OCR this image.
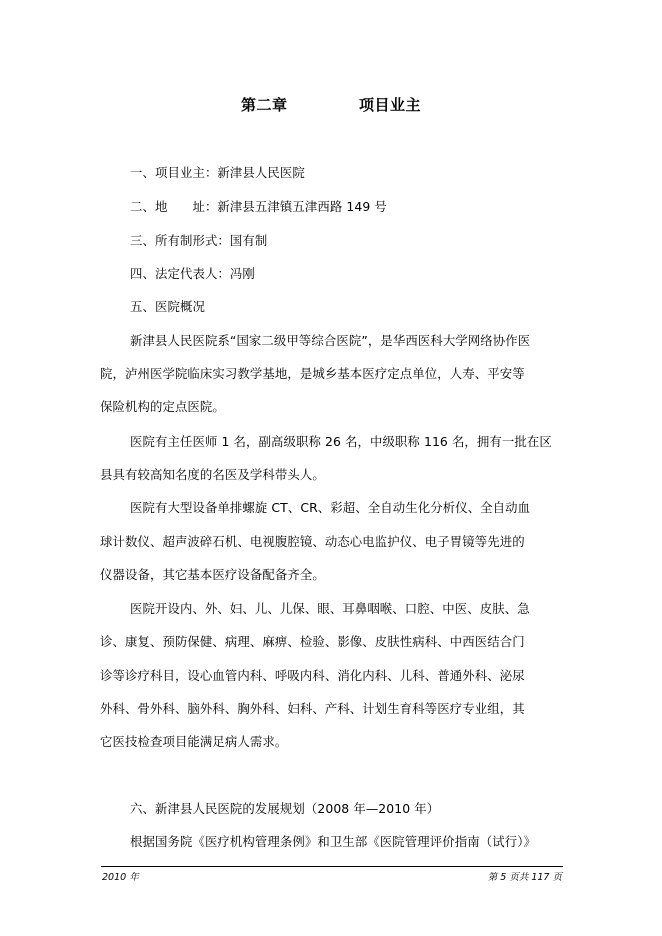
第二章  项目业主
一、项目业主：新津县人民医院
二、地　　址：新津县五津镇五津西路 149 号
三、所有制形式：国有制
四、法定代表人：冯刚
五、医院概况
新津县人民医院系“国家二级甲等综合医院”，是华西医科大学网络协作医
院，泸州医学院临床实习教学基地，是城乡基本医疗定点单位，人寿、平安等
保险机构的定点医院。
医院有主任医师 1 名，副高级职称 26 名，中级职称 116 名，拥有一批在区
县具有较高知名度的名医及学科带头人。
医院有大型设备单排螺旋 CT、CR、彩超、全自动生化分析仪、全自动血
球计数仪、超声波碎石机、电视腹腔镜、动态心电监护仪、电子胃镜等先进的
仪器设备，其它基本医疗设备配备齐全。
医院开设内、外、妇、儿、儿保、眼、耳鼻咽喉、口腔、中医、皮肤、急
诊、康复、预防保健、病理、麻痹、检验、影像、皮肤性病科、中西医结合门
诊等诊疗科目，设心血管内科、呼吸内科、消化内科、儿科、普通外科、泌尿
外科、骨外科、脑外科、胸外科、妇科、产科、计划生育科等医疗专业组，其
它医技检查项目能满足病人需求。
六、新津县人民医院的发展规划（2008 年—2010 年）
根据国务院《医疗机构管理条例》和卫生部《医院管理评价指南（试行）》
2010 年	第 5 页共 117 页
